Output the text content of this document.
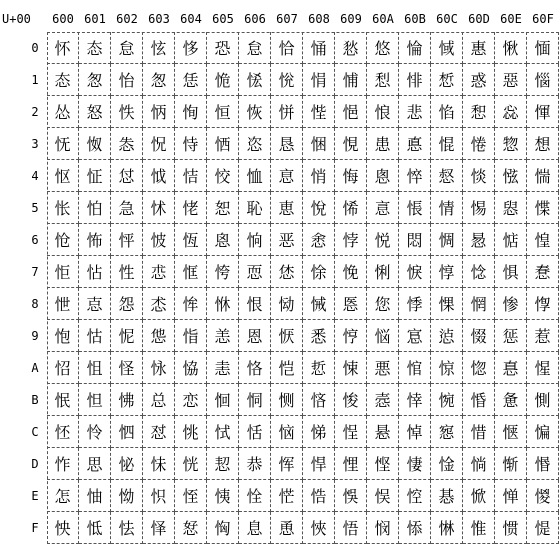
U+00	600 601 602 603 604 605 606 607 608 609 60A 60B 60C 60D 60E 60F
0
1
2
3
4
5
6
7
8
9
A
B
C
D
E
F
怀 态 怠 怰 恀 恐 怠 恰 悀 悐 悠 惀 惐 惠 愀 愐
态 怱 怡 怱 恁 恑 恡 恱 悁 悑 悡 悱 惁 惑 惡 惱
怂 怒 怢 怲 恂 恒 恢 恲 悂 悒 悢 悲 惂 惒 惢 惲
怃 怓 怣 怳 恃 恓 恣 恳 悃 悓 患 悳 惃 惓 惣 想
怄 怔 怤 怴 恄 恔 恤 恴 悄 悔 悤 悴 惄 惔 惤 惴
怅 怕 急 怵 恅 恕 恥 恵 悅 悕 悥 悵 情 惕 惥 惵
怆 怖 怦 怶 恆 恖 恦 恶 悆 悖 悦 悶 惆 惖 惦 惶
怇 怗 性 怷 恇 恗 恧 恷 悇 悗 悧 悷 惇 惗 惧 惷
怈 怘 怨 怸 恈 恘 恨 恸 悈 悘 您 悸 惈 惘 惨 惸
怉 怙 怩 怹 恉 恙 恩 恹 悉 悙 悩 悹 惉 惙 惩 惹
怊 怚 怪 怺 恊 恚 恪 恺 悊 悚 悪 悺 惊 惚 惪 惺
怋 怛 怫 总 恋 恛 恫 恻 悋 悛 悫 悻 惋 惛 惫 惻
怌 怜 怬 怼 恌 恜 恬 恼 悌 悜 悬 悼 惌 惜 惬 惼
怍 思 怭 怽 恍 恝 恭 恽 悍 悝 悭 悽 惍 惝 惭 惽
怎 怞 怮 怾 恎 恞 恮 恾 悎 悞 悮 悾 惎 惞 惮 惾
怏 怟 怯 怿 恏 恟 息 恿 悏 悟 悯 悿 惏 惟 惯 惿
